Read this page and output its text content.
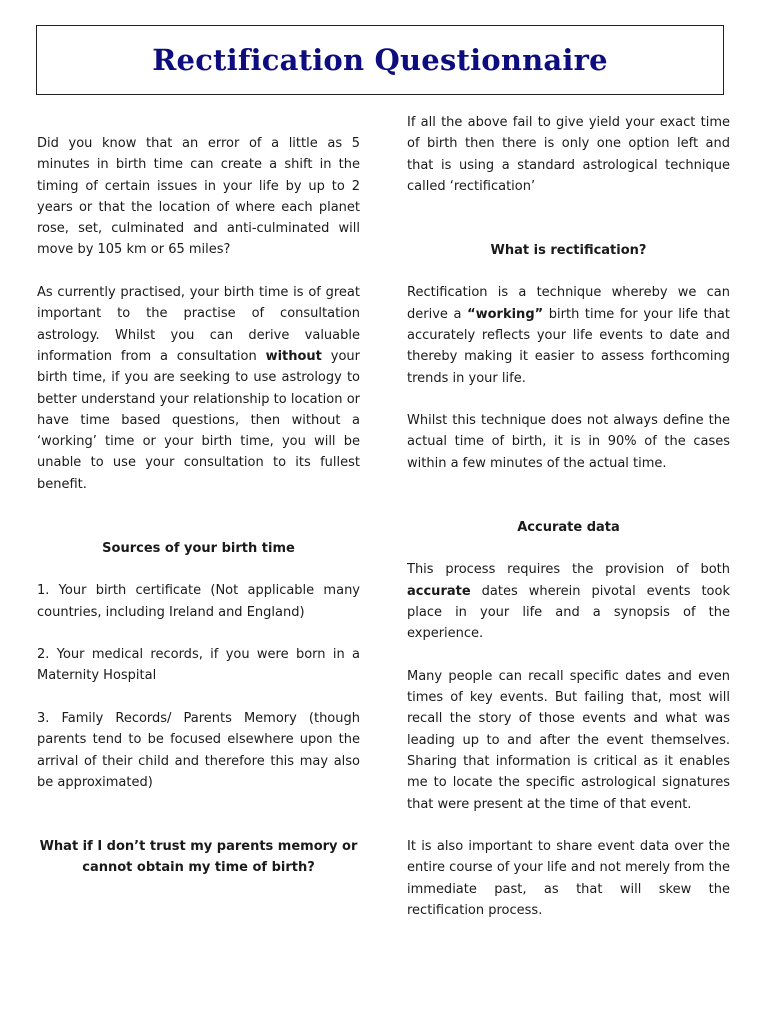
Rectification Questionnaire

Did you know that an error of a little as 5 minutes in birth time can create a shift in the timing of certain issues in your life by up to 2 years or that the location of where each planet rose, set, culminated and anti-culminated will move by 105 km or 65 miles?

As currently practised, your birth time is of great important to the practise of consultation astrology. Whilst you can derive valuable information from a consultation without your birth time, if you are seeking to use astrology to better understand your relationship to location or have time based questions, then without a ‘working’ time or your birth time, you will be unable to use your consultation to its fullest benefit.

Sources of your birth time

1. Your birth certificate (Not applicable many countries, including Ireland and England)

2. Your medical records, if you were born in a Maternity Hospital

3. Family Records/ Parents Memory (though parents tend to be focused elsewhere upon the arrival of their child and therefore this may also be approximated)

What if I don’t trust my parents memory or cannot obtain my time of birth?

If all the above fail to give yield your exact time of birth then there is only one option left and that is using a standard astrological technique called ‘rectification’

What is rectification?

Rectification is a technique whereby we can derive a “working” birth time for your life that accurately reflects your life events to date and thereby making it easier to assess forthcoming trends in your life.

Whilst this technique does not always define the actual time of birth, it is in 90% of the cases within a few minutes of the actual time.

Accurate data

This process requires the provision of both accurate dates wherein pivotal events took place in your life and a synopsis of the experience.

Many people can recall specific dates and even times of key events. But failing that, most will recall the story of those events and what was leading up to and after the event themselves. Sharing that information is critical as it enables me to locate the specific astrological signatures that were present at the time of that event.

It is also important to share event data over the entire course of your life and not merely from the immediate past, as that will skew the rectification process.
